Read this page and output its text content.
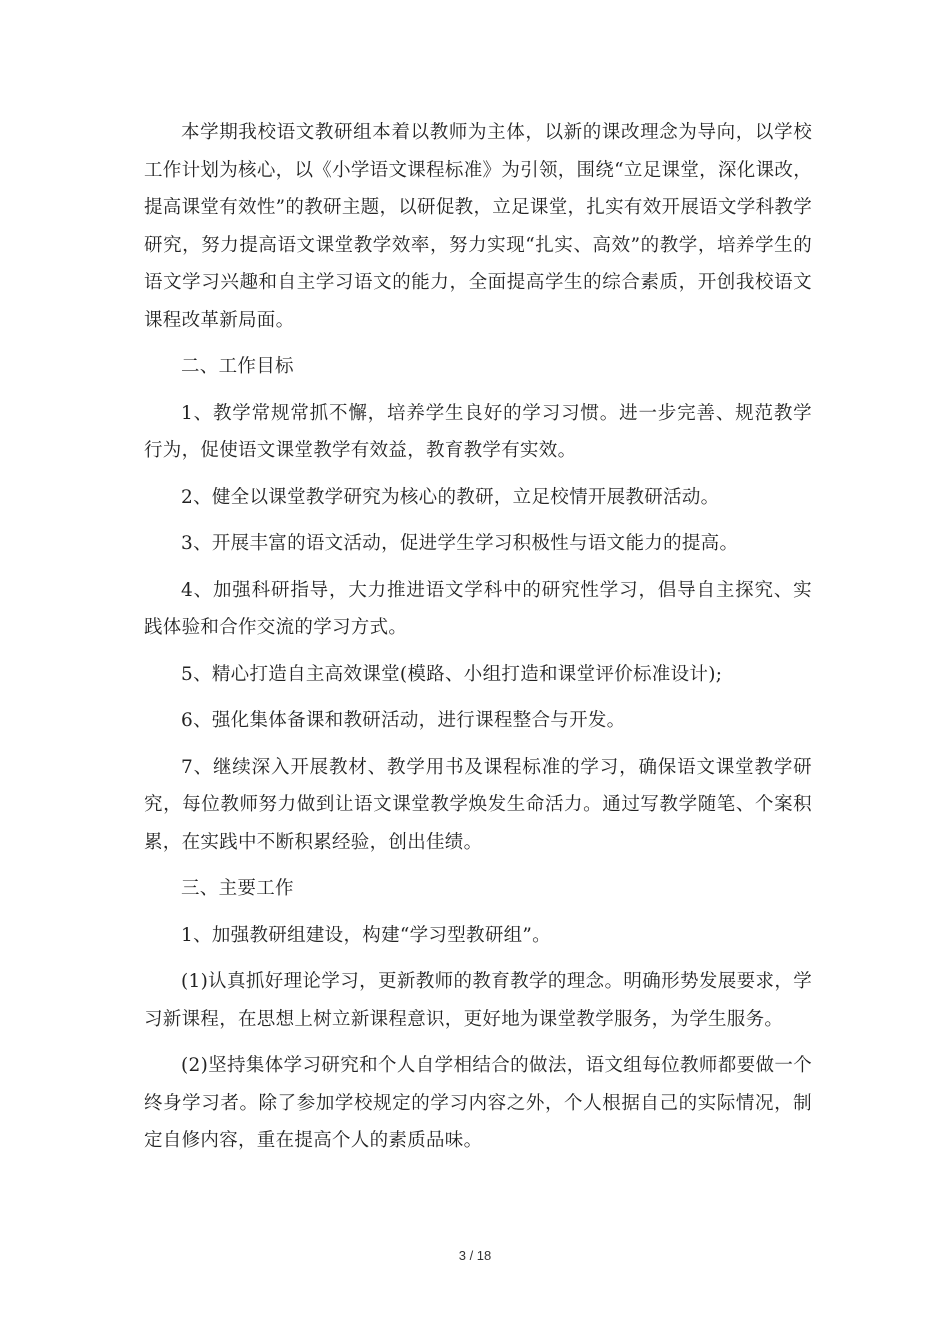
本学期我校语文教研组本着以教师为主体，以新的课改理念为导向，以学校工作计划为核心，以《小学语文课程标准》为引领，围绕“立足课堂，深化课改，提高课堂有效性”的教研主题，以研促教，立足课堂，扎实有效开展语文学科教学研究，努力提高语文课堂教学效率，努力实现“扎实、高效”的教学，培养学生的语文学习兴趣和自主学习语文的能力，全面提高学生的综合素质，开创我校语文课程改革新局面。

二、工作目标

1、教学常规常抓不懈，培养学生良好的学习习惯。进一步完善、规范教学行为，促使语文课堂教学有效益，教育教学有实效。

2、健全以课堂教学研究为核心的教研，立足校情开展教研活动。

3、开展丰富的语文活动，促进学生学习积极性与语文能力的提高。

4、加强科研指导，大力推进语文学科中的研究性学习，倡导自主探究、实践体验和合作交流的学习方式。

5、精心打造自主高效课堂(模路、小组打造和课堂评价标准设计);

6、强化集体备课和教研活动，进行课程整合与开发。

7、继续深入开展教材、教学用书及课程标准的学习，确保语文课堂教学研究，每位教师努力做到让语文课堂教学焕发生命活力。通过写教学随笔、个案积累，在实践中不断积累经验，创出佳绩。

三、主要工作

1、加强教研组建设，构建“学习型教研组”。

(1)认真抓好理论学习，更新教师的教育教学的理念。明确形势发展要求，学习新课程，在思想上树立新课程意识，更好地为课堂教学服务，为学生服务。

(2)坚持集体学习研究和个人自学相结合的做法，语文组每位教师都要做一个终身学习者。除了参加学校规定的学习内容之外，个人根据自己的实际情况，制定自修内容，重在提高个人的素质品味。

3 / 18
